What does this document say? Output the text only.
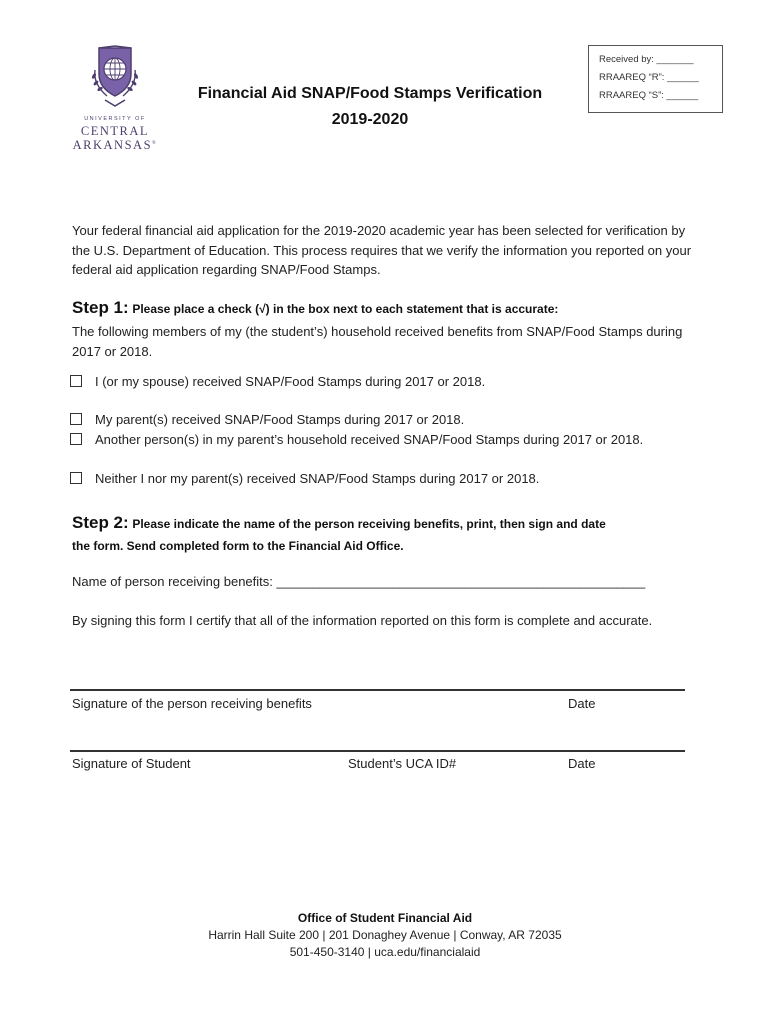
UNIVERSITY OF
CENTRAL
ARKANSAS®
Financial Aid SNAP/Food Stamps Verification
2019-2020
Received by: _______
RRAAREQ “R”: ______
RRAAREQ “S”: ______
Your federal financial aid application for the 2019-2020 academic year has been selected for verification by the U.S. Department of Education. This process requires that we verify the information you reported on your federal aid application regarding SNAP/Food Stamps.
Step 1: Please place a check (√) in the box next to each statement that is accurate:
The following members of my (the student’s) household received benefits from SNAP/Food Stamps during 2017 or 2018.
I (or my spouse) received SNAP/Food Stamps during 2017 or 2018.
My parent(s) received SNAP/Food Stamps during 2017 or 2018.
Another person(s) in my parent’s household received SNAP/Food Stamps during 2017 or 2018.
Neither I nor my parent(s) received SNAP/Food Stamps during 2017 or 2018.
Step 2: Please indicate the name of the person receiving benefits, print, then sign and date
the form. Send completed form to the Financial Aid Office.
Name of person receiving benefits: ___________________________________________________
By signing this form I certify that all of the information reported on this form is complete and accurate.
Signature of the person receiving benefits	Date
Signature of Student	Student’s UCA ID#	Date
Office of Student Financial Aid
Harrin Hall Suite 200 | 201 Donaghey Avenue | Conway, AR 72035
501-450-3140 | uca.edu/financialaid
